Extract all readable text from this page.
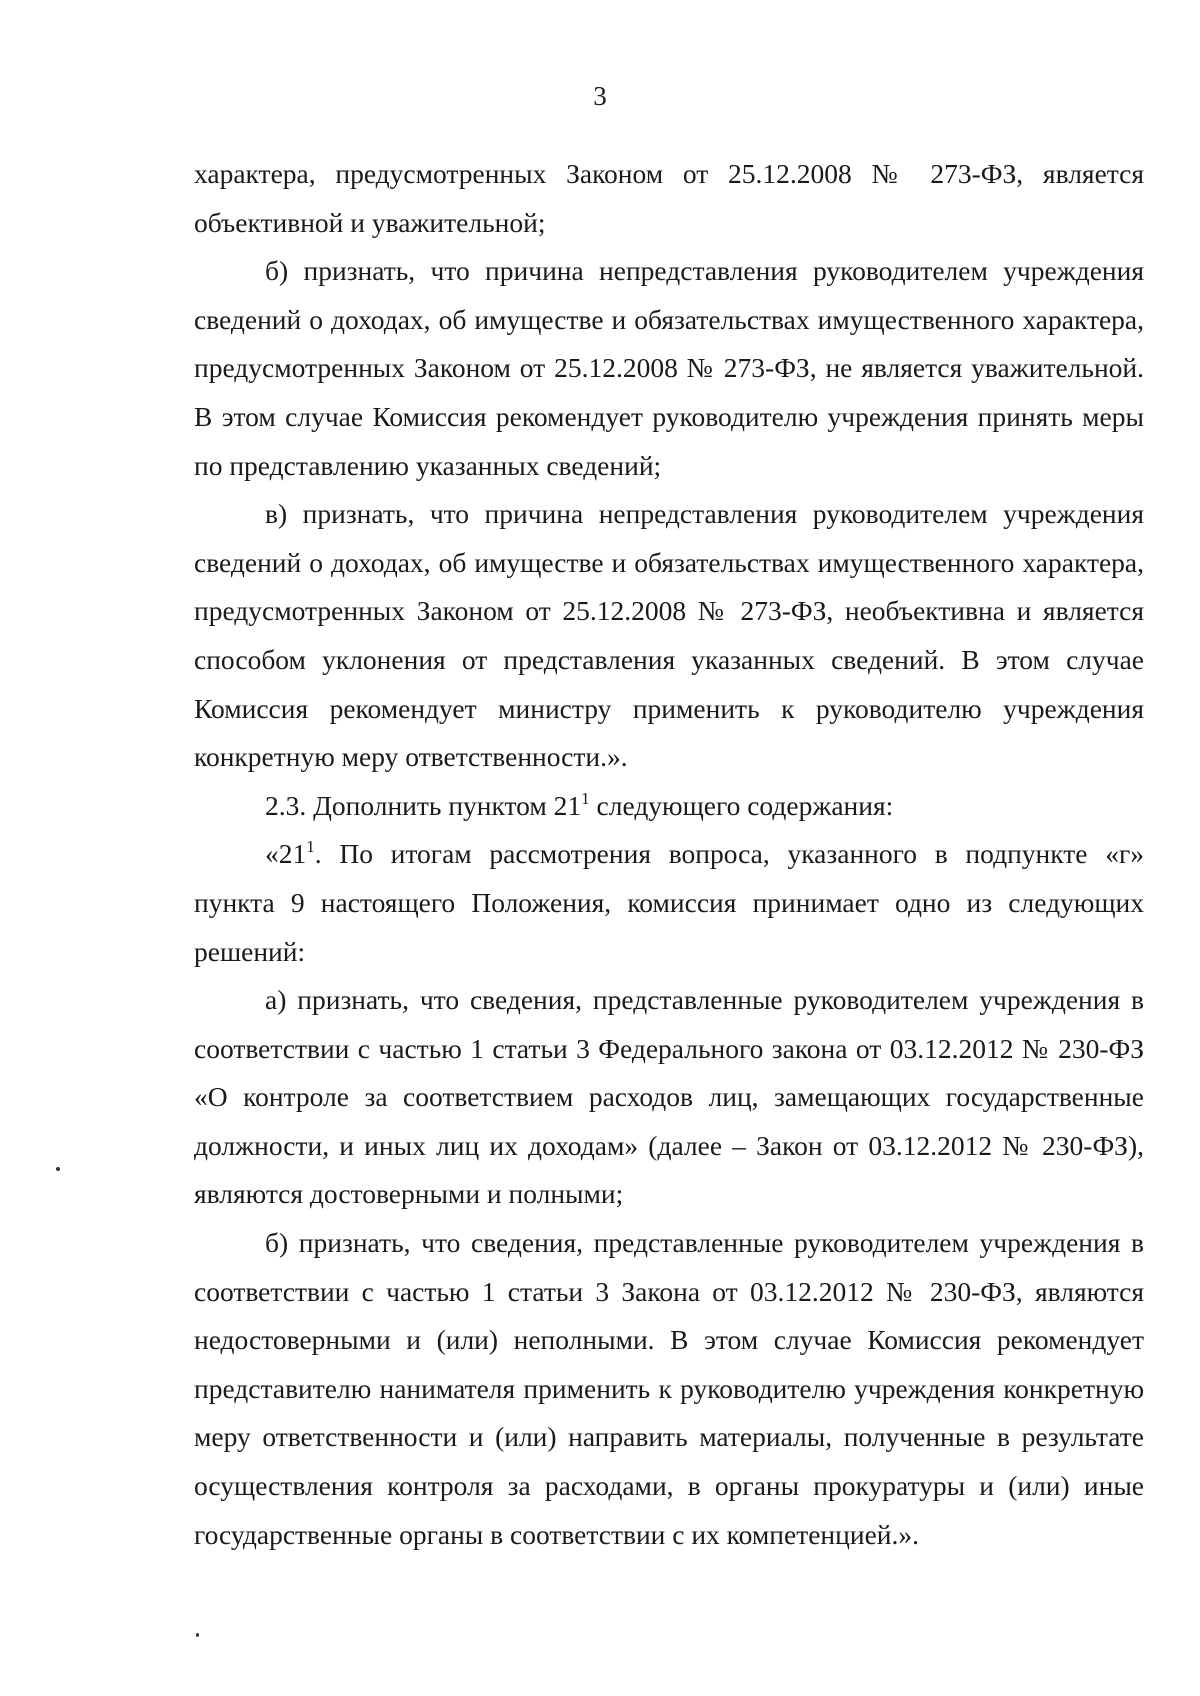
3

характера, предусмотренных Законом от 25.12.2008 № 273-ФЗ, является объективной и уважительной;

б) признать, что причина непредставления руководителем учреждения сведений о доходах, об имуществе и обязательствах имущественного характера, предусмотренных Законом от 25.12.2008 № 273-ФЗ, не является уважительной. В этом случае Комиссия рекомендует руководителю учреждения принять меры по представлению указанных сведений;

в) признать, что причина непредставления руководителем учреждения сведений о доходах, об имуществе и обязательствах имущественного характера, предусмотренных Законом от 25.12.2008 № 273-ФЗ, необъективна и является способом уклонения от представления указанных сведений. В этом случае Комиссия рекомендует министру применить к руководителю учреждения конкретную меру ответственности.».

2.3. Дополнить пунктом $21^1$ следующего содержания:

«$21^1$. По итогам рассмотрения вопроса, указанного в подпункте «г» пункта 9 настоящего Положения, комиссия принимает одно из следующих решений:

а) признать, что сведения, представленные руководителем учреждения в соответствии с частью 1 статьи 3 Федерального закона от 03.12.2012 № 230-ФЗ «О контроле за соответствием расходов лиц, замещающих государственные должности, и иных лиц их доходам» (далее – Закон от 03.12.2012 № 230-ФЗ), являются достоверными и полными;

б) признать, что сведения, представленные руководителем учреждения в соответствии с частью 1 статьи 3 Закона от 03.12.2012 № 230-ФЗ, являются недостоверными и (или) неполными. В этом случае Комиссия рекомендует представителю нанимателя применить к руководителю учреждения конкретную меру ответственности и (или) направить материалы, полученные в результате осуществления контроля за расходами, в органы прокуратуры и (или) иные государственные органы в соответствии с их компетенцией.».
